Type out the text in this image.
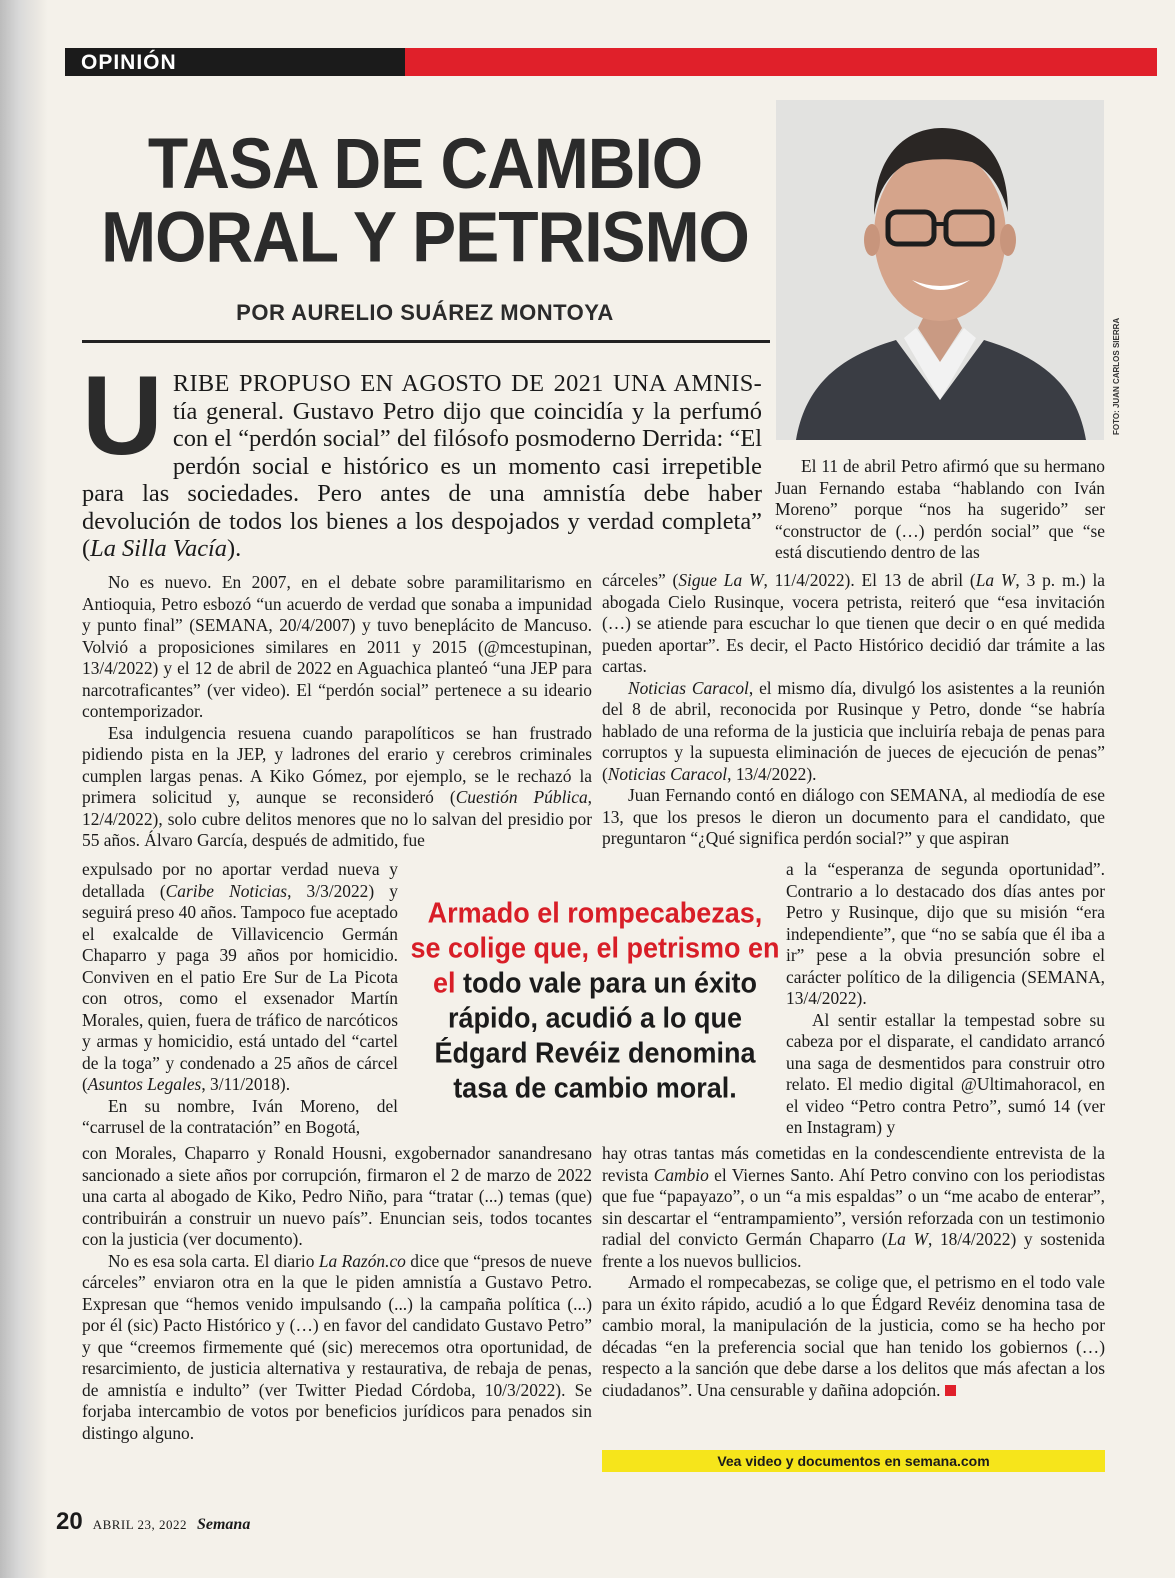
OPINIÓN
TASA DE CAMBIO
MORAL Y PETRISMO
POR AURELIO SUÁREZ MONTOYA
FOTO: JUAN CARLOS SIERRA
U RIBE PROPUSO EN AGOSTO DE 2021 UNA AMNIS- tía general. Gustavo Petro dijo que coincidía y la perfumó con el “perdón social” del filósofo posmoderno Derrida: “El perdón social e histórico es un momento casi irrepetible para las sociedades. Pero antes de una amnistía debe haber devolución de todos los bienes a los despojados y verdad completa” (La Silla Vacía).

No es nuevo. En 2007, en el debate sobre paramilitarismo en Antioquia, Petro esbozó “un acuerdo de verdad que sonaba a impunidad y punto final” (SEMANA, 20/4/2007) y tuvo beneplácito de Mancuso. Volvió a proposiciones similares en 2011 y 2015 (@mcestupinan, 13/4/2022) y el 12 de abril de 2022 en Aguachica planteó “una JEP para narcotraficantes” (ver video). El “perdón social” pertenece a su ideario contemporizador.

Esa indulgencia resuena cuando parapolíticos se han frustrado pidiendo pista en la JEP, y ladrones del erario y cerebros criminales cumplen largas penas. A Kiko Gómez, por ejemplo, se le rechazó la primera solicitud y, aunque se reconsideró (Cuestión Pública, 12/4/2022), solo cubre delitos menores que no lo salvan del presidio por 55 años. Álvaro García, después de admitido, fue

expulsado por no aportar verdad nueva y detallada (Caribe Noticias, 3/3/2022) y seguirá preso 40 años. Tampoco fue aceptado el exalcalde de Villavicencio Germán Chaparro y paga 39 años por homicidio. Conviven en el patio Ere Sur de La Picota con otros, como el exsenador Martín Morales, quien, fuera de tráfico de narcóticos y armas y homicidio, está untado del “cartel de la toga” y condenado a 25 años de cárcel (Asuntos Legales, 3/11/2018).

En su nombre, Iván Moreno, del “carrusel de la contratación” en Bogotá,

con Morales, Chaparro y Ronald Housni, exgobernador sanandresano sancionado a siete años por corrupción, firmaron el 2 de marzo de 2022 una carta al abogado de Kiko, Pedro Niño, para “tratar (...) temas (que) contribuirán a construir un nuevo país”. Enuncian seis, todos tocantes con la justicia (ver documento).

No es esa sola carta. El diario La Razón.co dice que “presos de nueve cárceles” enviaron otra en la que le piden amnistía a Gustavo Petro. Expresan que “hemos venido impulsando (...) la campaña política (...) por él (sic) Pacto Histórico y (…) en favor del candidato Gustavo Petro” y que “creemos firmemente qué (sic) merecemos otra oportunidad, de resarcimiento, de justicia alternativa y restaurativa, de rebaja de penas, de amnistía e indulto” (ver Twitter Piedad Córdoba, 10/3/2022). Se forjaba intercambio de votos por beneficios jurídicos para penados sin distingo alguno.

El 11 de abril Petro afirmó que su hermano Juan Fernando estaba “hablando con Iván Moreno” porque “nos ha sugerido” ser “constructor de (…) perdón social” que “se está discutiendo dentro de las

cárceles” (Sigue La W, 11/4/2022). El 13 de abril (La W, 3 p. m.) la abogada Cielo Rusinque, vocera petrista, reiteró que “esa invitación (…) se atiende para escuchar lo que tienen que decir o en qué medida pueden aportar”. Es decir, el Pacto Histórico decidió dar trámite a las cartas.

Noticias Caracol, el mismo día, divulgó los asistentes a la reunión del 8 de abril, reconocida por Rusinque y Petro, donde “se habría hablado de una reforma de la justicia que incluiría rebaja de penas para corruptos y la supuesta eliminación de jueces de ejecución de penas” (Noticias Caracol, 13/4/2022).

Juan Fernando contó en diálogo con SEMANA, al mediodía de ese 13, que los presos le dieron un documento para el candidato, que preguntaron “¿Qué significa perdón social?” y que aspiran

a la “esperanza de segunda oportunidad”. Contrario a lo destacado dos días antes por Petro y Rusinque, dijo que su misión “era independiente”, que “no se sabía que él iba a ir” pese a la obvia presunción sobre el carácter político de la diligencia (SEMANA, 13/4/2022).

Al sentir estallar la tempestad sobre su cabeza por el disparate, el candidato arrancó una saga de desmentidos para construir otro relato. El medio digital @Ultimahoracol, en el video “Petro contra Petro”, sumó 14 (ver en Instagram) y

hay otras tantas más cometidas en la condescendiente entrevista de la revista Cambio el Viernes Santo. Ahí Petro convino con los periodistas que fue “papayazo”, o un “a mis espaldas” o un “me acabo de enterar”, sin descartar el “entrampamiento”, versión reforzada con un testimonio radial del convicto Germán Chaparro (La W, 18/4/2022) y sostenida frente a los nuevos bullicios.

Armado el rompecabezas, se colige que, el petrismo en el todo vale para un éxito rápido, acudió a lo que Édgard Revéiz denomina tasa de cambio moral, la manipulación de la justicia, como se ha hecho por décadas “en la preferencia social que han tenido los gobiernos (…) respecto a la sanción que debe darse a los delitos que más afectan a los ciudadanos”. Una censurable y dañina adopción.

Armado el rompecabezas, se colige que, el petrismo en el todo vale para un éxito rápido, acudió a lo que Édgard Revéiz denomina tasa de cambio moral.
Vea video y documentos en semana.com
20 ABRIL 23, 2022 Semana
